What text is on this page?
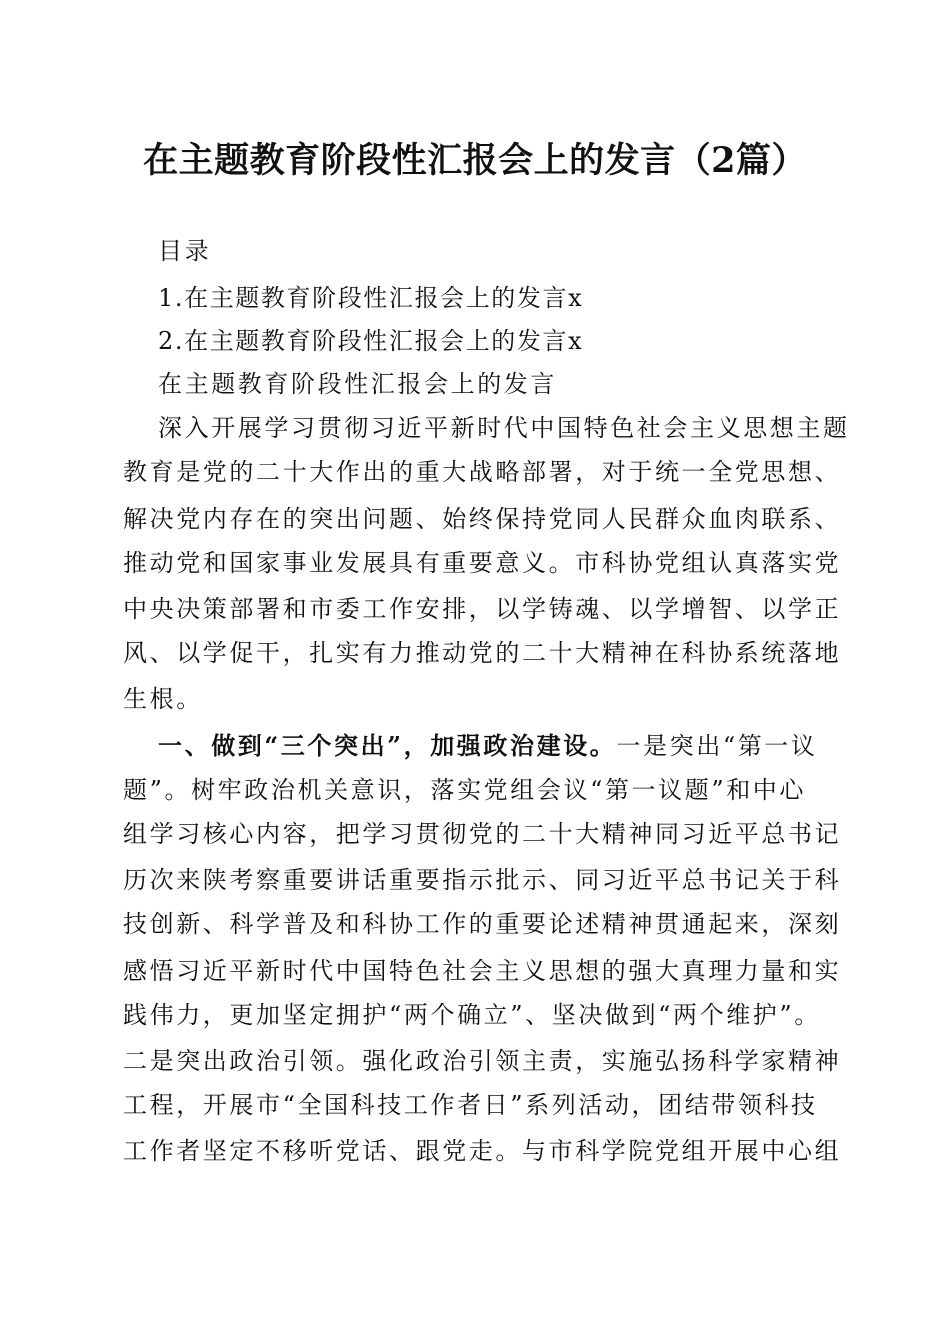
在主题教育阶段性汇报会上的发言（2篇）
目录
1.在主题教育阶段性汇报会上的发言x
2.在主题教育阶段性汇报会上的发言x
在主题教育阶段性汇报会上的发言
深入开展学习贯彻习近平新时代中国特色社会主义思想主题
教育是党的二十大作出的重大战略部署，对于统一全党思想、
解决党内存在的突出问题、始终保持党同人民群众血肉联系、
推动党和国家事业发展具有重要意义。市科协党组认真落实党
中央决策部署和市委工作安排，以学铸魂、以学增智、以学正
风、以学促干，扎实有力推动党的二十大精神在科协系统落地
生根。
一、做到“三个突出”，加强政治建设。一是突出“第一议
题”。树牢政治机关意识，落实党组会议“第一议题”和中心
组学习核心内容，把学习贯彻党的二十大精神同习近平总书记
历次来陕考察重要讲话重要指示批示、同习近平总书记关于科
技创新、科学普及和科协工作的重要论述精神贯通起来，深刻
感悟习近平新时代中国特色社会主义思想的强大真理力量和实
践伟力，更加坚定拥护“两个确立”、坚决做到“两个维护”。
二是突出政治引领。强化政治引领主责，实施弘扬科学家精神
工程，开展市“全国科技工作者日”系列活动，团结带领科技
工作者坚定不移听党话、跟党走。与市科学院党组开展中心组
